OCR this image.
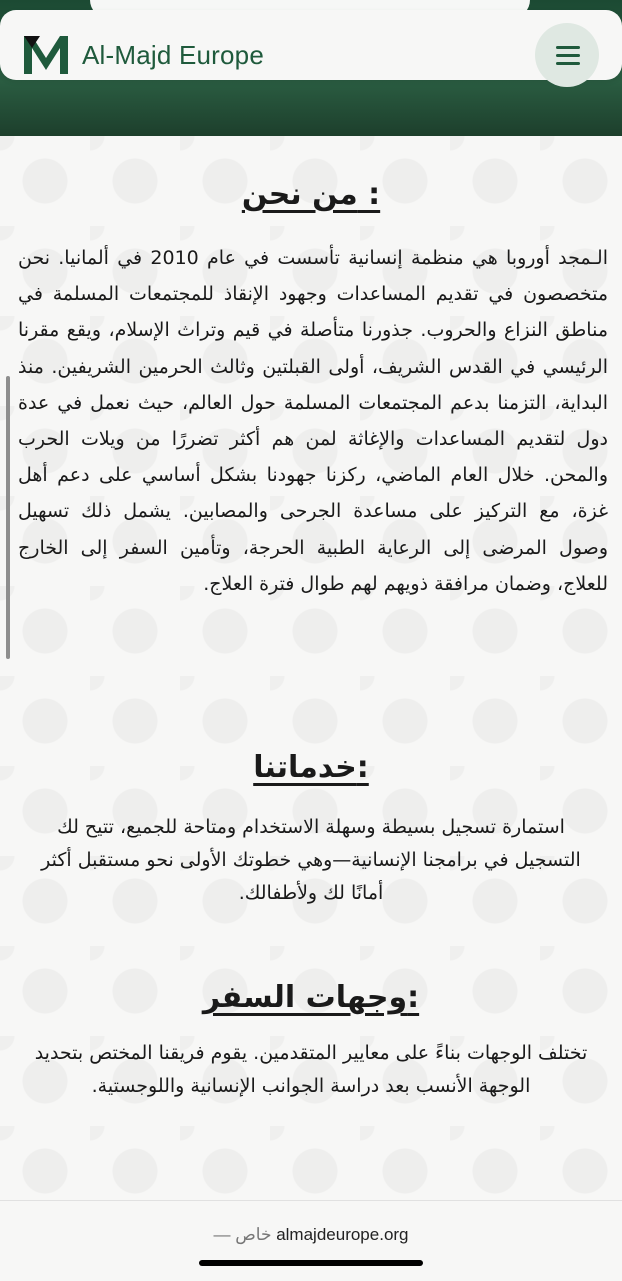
Al-Majd Europe
من نحن :
الـمجد أوروبا هي منظمة إنسانية تأسست في عام 2010 في ألمانيا. نحن متخصصون في تقديم المساعدات وجهود الإنقاذ للمجتمعات المسلمة في مناطق النزاع والحروب. جذورنا متأصلة في قيم وتراث الإسلام، ويقع مقرنا الرئيسي في القدس الشريف، أولى القبلتين وثالث الحرمين الشريفين. منذ البداية، التزمنا بدعم المجتمعات المسلمة حول العالم، حيث نعمل في عدة دول لتقديم المساعدات والإغاثة لمن هم أكثر تضررًا من ويلات الحرب والمحن. خلال العام الماضي، ركزنا جهودنا بشكل أساسي على دعم أهل غزة، مع التركيز على مساعدة الجرحى والمصابين. يشمل ذلك تسهيل وصول المرضى إلى الرعاية الطبية الحرجة، وتأمين السفر إلى الخارج للعلاج، وضمان مرافقة ذويهم لهم طوال فترة العلاج.
خدماتنا:
استمارة تسجيل بسيطة وسهلة الاستخدام ومتاحة للجميع، تتيح لك التسجيل في برامجنا الإنسانية—وهي خطوتك الأولى نحو مستقبل أكثر أمانًا لك ولأطفالك.
وجهات السفر:
تختلف الوجهات بناءً على معايير المتقدمين. يقوم فريقنا المختص بتحديد الوجهة الأنسب بعد دراسة الجوانب الإنسانية واللوجستية.
— خاص almajdeurope.org
